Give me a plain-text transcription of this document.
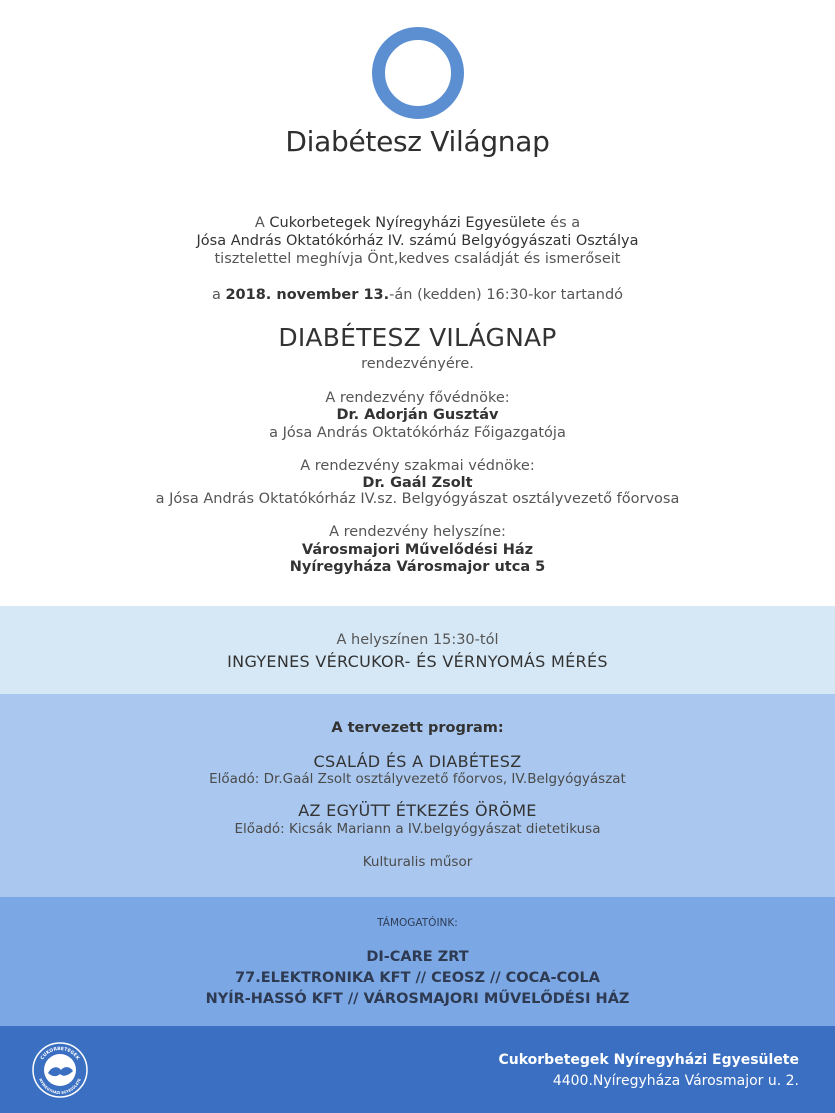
Diabétesz Világnap
A Cukorbetegek Nyíregyházi Egyesülete és a
Jósa András Oktatókórház IV. számú Belgyógyászati Osztálya
tisztelettel meghívja Önt,kedves családját és ismerőseit
a 2018. november 13.-án (kedden) 16:30-kor tartandó
DIABÉTESZ VILÁGNAP
rendezvényére.
A rendezvény fővédnöke:
Dr. Adorján Gusztáv
a Jósa András Oktatókórház Főigazgatója
A rendezvény szakmai védnöke:
Dr. Gaál Zsolt
a Jósa András Oktatókórház IV.sz. Belgyógyászat osztályvezető főorvosa
A rendezvény helyszíne:
Városmajori Művelődési Ház
Nyíregyháza Városmajor utca 5
A helyszínen 15:30-tól
INGYENES VÉRCUKOR- ÉS VÉRNYOMÁS MÉRÉS
A tervezett program:
CSALÁD ÉS A DIABÉTESZ
Előadó: Dr.Gaál Zsolt osztályvezető főorvos, IV.Belgyógyászat
AZ EGYÜTT ÉTKEZÉS ÖRÖME
Előadó: Kicsák Mariann a IV.belgyógyászat dietetikusa
Kulturalis műsor
TÁMOGATÓINK:
DI-CARE ZRT
77.ELEKTRONIKA KFT // CEOSZ // COCA-COLA
NYÍR-HASSÓ KFT // VÁROSMAJORI MŰVELŐDÉSI HÁZ
CUKORBETEGEK
NYÍREGYHÁZI EGYESÜLETE
Cukorbetegek Nyíregyházi Egyesülete
4400.Nyíregyháza Városmajor u. 2.
